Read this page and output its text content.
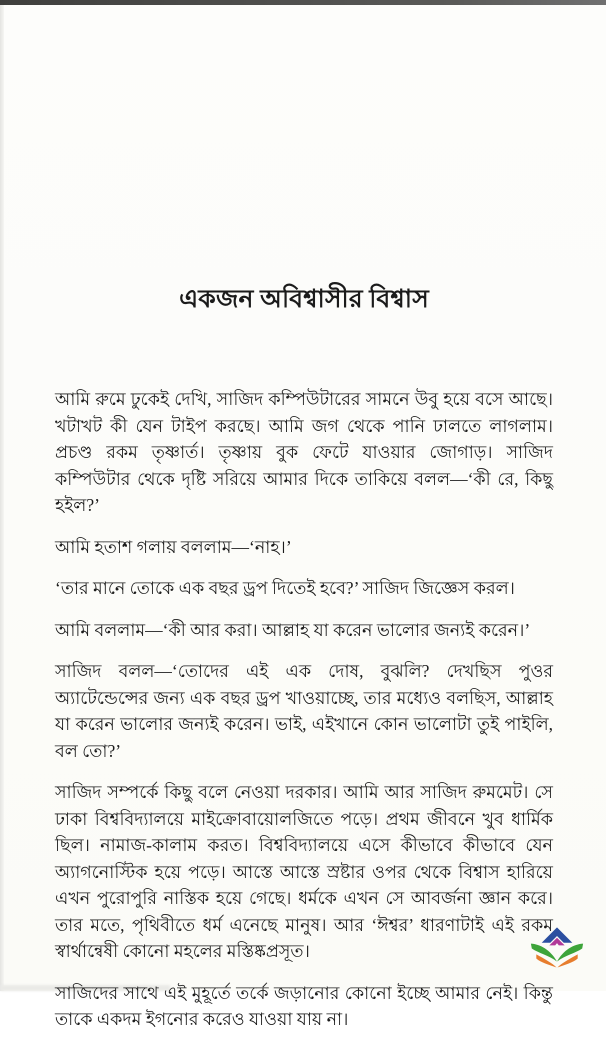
একজন অবিশ্বাসীর বিশ্বাস

আমি রুমে ঢুকেই দেখি, সাজিদ কম্পিউটারের সামনে উবু হয়ে বসে আছে। খটাখট কী যেন টাইপ করছে। আমি জগ থেকে পানি ঢালতে লাগলাম। প্রচণ্ড রকম তৃষ্ণার্ত। তৃষ্ণায় বুক ফেটে যাওয়ার জোগাড়। সাজিদ কম্পিউটার থেকে দৃষ্টি সরিয়ে আমার দিকে তাকিয়ে বলল—‘কী রে, কিছু হইল?’

আমি হতাশ গলায় বললাম—‘নাহ।’

‘তার মানে তোকে এক বছর ড্রপ দিতেই হবে?’ সাজিদ জিজ্ঞেস করল।

আমি বললাম—‘কী আর করা। আল্লাহ যা করেন ভালোর জন্যই করেন।’

সাজিদ বলল—‘তোদের এই এক দোষ, বুঝলি? দেখছিস পুওর অ্যাটেন্ডেন্সের জন্য এক বছর ড্রপ খাওয়াচ্ছে, তার মধ্যেও বলছিস, আল্লাহ যা করেন ভালোর জন্যই করেন। ভাই, এইখানে কোন ভালোটা তুই পাইলি, বল তো?’

সাজিদ সম্পর্কে কিছু বলে নেওয়া দরকার। আমি আর সাজিদ রুমমেট। সে ঢাকা বিশ্ববিদ্যালয়ে মাইক্রোবায়োলজিতে পড়ে। প্রথম জীবনে খুব ধার্মিক ছিল। নামাজ-কালাম করত। বিশ্ববিদ্যালয়ে এসে কীভাবে কীভাবে যেন অ্যাগনোস্টিক হয়ে পড়ে। আস্তে আস্তে স্রষ্টার ওপর থেকে বিশ্বাস হারিয়ে এখন পুরোপুরি নাস্তিক হয়ে গেছে। ধর্মকে এখন সে আবর্জনা জ্ঞান করে। তার মতে, পৃথিবীতে ধর্ম এনেছে মানুষ। আর ‘ঈশ্বর’ ধারণাটাই এই রকম স্বার্থান্বেষী কোনো মহলের মস্তিষ্কপ্রসূত।

সাজিদের সাথে এই মুহূর্তে তর্কে জড়ানোর কোনো ইচ্ছে আমার নেই। কিন্তু তাকে একদম ইগনোর করেও যাওয়া যায় না।
